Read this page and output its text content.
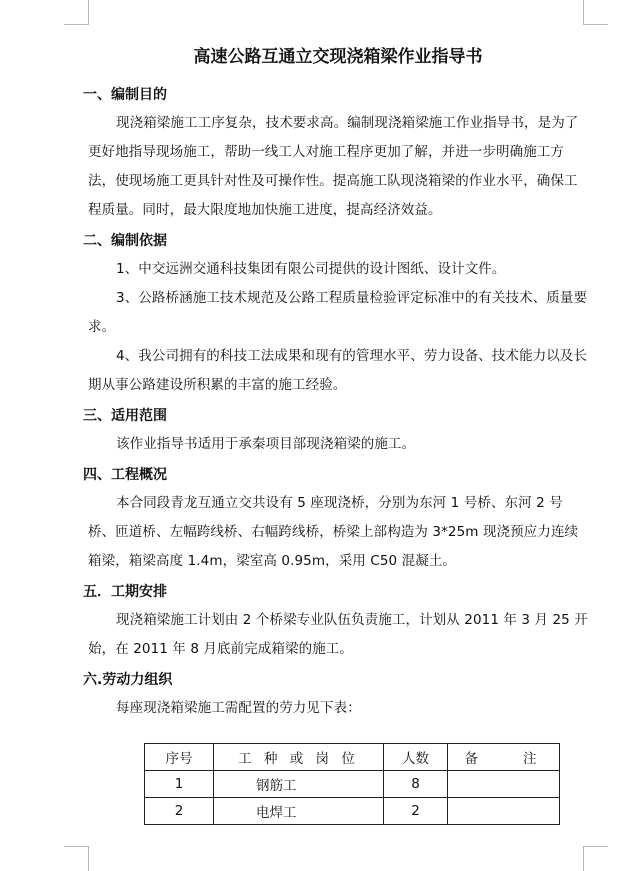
高速公路互通立交现浇箱梁作业指导书
一、编制目的

现浇箱梁施工工序复杂，技术要求高。编制现浇箱梁施工作业指导书，是为了更好地指导现场施工，帮助一线工人对施工程序更加了解，并进一步明确施工方法，使现场施工更具针对性及可操作性。提高施工队现浇箱梁的作业水平，确保工程质量。同时，最大限度地加快施工进度，提高经济效益。

二、编制依据

1、中交远洲交通科技集团有限公司提供的设计图纸、设计文件。

3、公路桥涵施工技术规范及公路工程质量检验评定标准中的有关技术、质量要求。

4、我公司拥有的科技工法成果和现有的管理水平、劳力设备、技术能力以及长期从事公路建设所积累的丰富的施工经验。

三、适用范围

该作业指导书适用于承秦项目部现浇箱梁的施工。

四、工程概况

本合同段青龙互通立交共设有 5 座现浇桥，分别为东河 1 号桥、东河 2 号桥、匝道桥、左幅跨线桥、右幅跨线桥，桥梁上部构造为 3*25m 现浇预应力连续箱梁，箱梁高度 1.4m，梁室高 0.95m，采用 C50 混凝土。

五．工期安排

现浇箱梁施工计划由 2 个桥梁专业队伍负责施工，计划从 2011 年 3 月 25 开始，在 2011 年 8 月底前完成箱梁的施工。

六.劳动力组织

每座现浇箱梁施工需配置的劳力见下表：

序号	工 种 或 岗 位	人数	备　　注
1	钢筋工	8	
2	电焊工	2	
